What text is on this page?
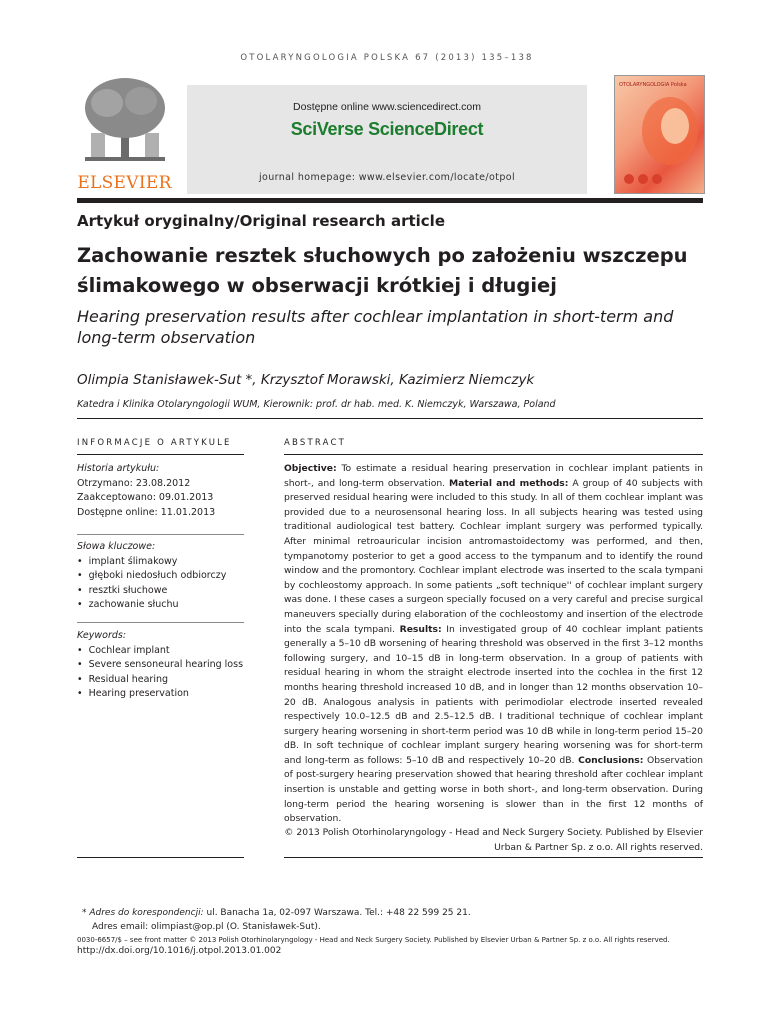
OTOLARYNGOLOGIA POLSKA 67 (2013) 135–138
ELSEVIER
Dostępne online www.sciencedirect.com
SciVerse ScienceDirect
journal homepage: www.elsevier.com/locate/otpol
OTOLARYNGOLOGIA Polska
Artykuł oryginalny/Original research article
Zachowanie resztek słuchowych po założeniu wszczepu ślimakowego w obserwacji krótkiej i długiej
Hearing preservation results after cochlear implantation in short-term and long-term observation
Olimpia Stanisławek-Sut *, Krzysztof Morawski, Kazimierz Niemczyk
Katedra i Klinika Otolaryngologii WUM, Kierownik: prof. dr hab. med. K. Niemczyk, Warszawa, Poland
INFORMACJE O ARTYKULE
Historia artykułu:
Otrzymano: 23.08.2012
Zaakceptowano: 09.01.2013
Dostępne online: 11.01.2013
Słowa kluczowe:
• implant ślimakowy
• głęboki niedosłuch odbiorczy
• resztki słuchowe
• zachowanie słuchu
Keywords:
• Cochlear implant
• Severe sensoneural hearing loss
• Residual hearing
• Hearing preservation
ABSTRACT
Objective: To estimate a residual hearing preservation in cochlear implant patients in short-, and long-term observation. Material and methods: A group of 40 subjects with preserved residual hearing were included to this study. In all of them cochlear implant was provided due to a neurosensonal hearing loss. In all subjects hearing was tested using traditional audiological test battery. Cochlear implant surgery was performed typically. After minimal retroauricular incision antromastoidectomy was performed, and then, tympanotomy posterior to get a good access to the tympanum and to identify the round window and the promontory. Cochlear implant electrode was inserted to the scala tympani by cochleostomy approach. In some patients „soft technique'' of cochlear implant surgery was done. I these cases a surgeon specially focused on a very careful and precise surgical maneuvers specially during elaboration of the cochleostomy and insertion of the electrode into the scala tympani. Results: In investigated group of 40 cochlear implant patients generally a 5–10 dB worsening of hearing threshold was observed in the first 3–12 months following surgery, and 10–15 dB in long-term observation. In a group of patients with residual hearing in whom the straight electrode inserted into the cochlea in the first 12 months hearing threshold increased 10 dB, and in longer than 12 months observation 10–20 dB. Analogous analysis in patients with perimodiolar electrode inserted revealed respectively 10.0–12.5 dB and 2.5–12.5 dB. I traditional technique of cochlear implant surgery hearing worsening in short-term period was 10 dB while in long-term period 15–20 dB. In soft technique of cochlear implant surgery hearing worsening was for short-term and long-term as follows: 5–10 dB and respectively 10–20 dB. Conclusions: Observation of post-surgery hearing preservation showed that hearing threshold after cochlear implant insertion is unstable and getting worse in both short-, and long-term observation. During long-term period the hearing worsening is slower than in the first 12 months of observation.
© 2013 Polish Otorhinolaryngology - Head and Neck Surgery Society. Published by Elsevier Urban & Partner Sp. z o.o. All rights reserved.
* Adres do korespondencji: ul. Banacha 1a, 02-097 Warszawa. Tel.: +48 22 599 25 21.
Adres email: olimpiast@op.pl (O. Stanisławek-Sut).
0030-6657/$ – see front matter © 2013 Polish Otorhinolaryngology - Head and Neck Surgery Society. Published by Elsevier Urban & Partner Sp. z o.o. All rights reserved.
http://dx.doi.org/10.1016/j.otpol.2013.01.002
